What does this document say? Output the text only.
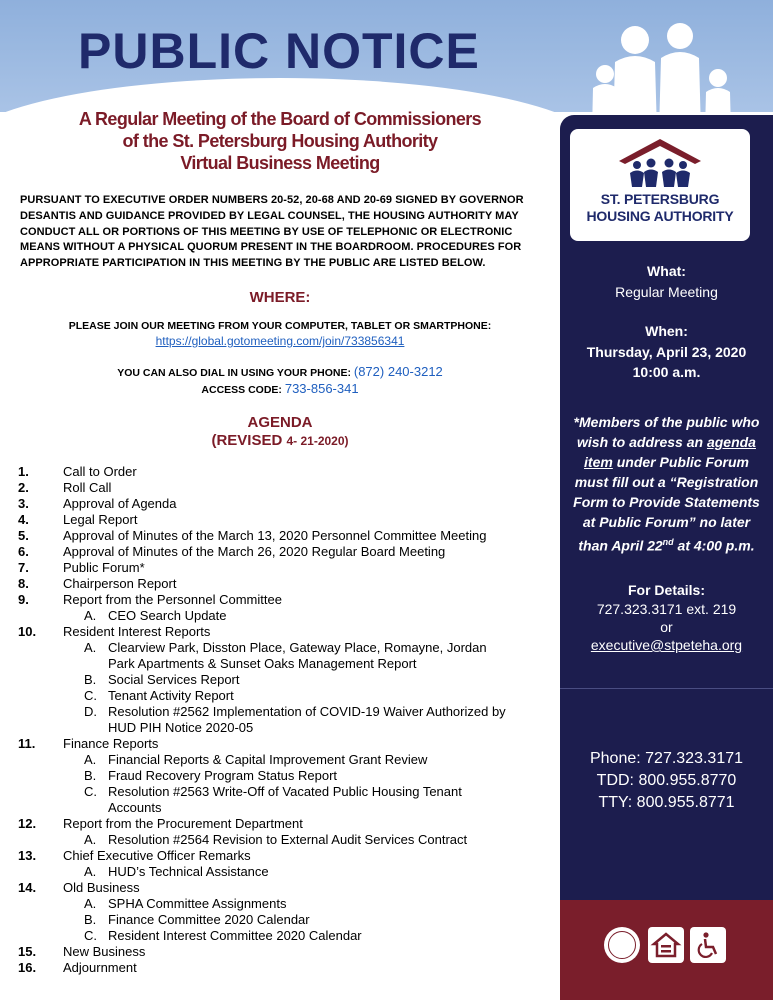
PUBLIC NOTICE
A Regular Meeting of the Board of Commissioners
of the St. Petersburg Housing Authority
Virtual Business Meeting

PURSUANT TO EXECUTIVE ORDER NUMBERS 20-52, 20-68 AND 20-69 SIGNED BY GOVERNOR DESANTIS AND GUIDANCE PROVIDED BY LEGAL COUNSEL, THE HOUSING AUTHORITY MAY CONDUCT ALL OR PORTIONS OF THIS MEETING BY USE OF TELEPHONIC OR ELECTRONIC MEANS WITHOUT A PHYSICAL QUORUM PRESENT IN THE BOARDROOM. PROCEDURES FOR APPROPRIATE PARTICIPATION IN THIS MEETING BY THE PUBLIC ARE LISTED BELOW.

WHERE:
PLEASE JOIN OUR MEETING FROM YOUR COMPUTER, TABLET OR SMARTPHONE:
https://global.gotomeeting.com/join/733856341
YOU CAN ALSO DIAL IN USING YOUR PHONE: (872) 240-3212
ACCESS CODE: 733-856-341
AGENDA
(REVISED 4- 21-2020)
1.	Call to Order
2.	Roll Call
3.	Approval of Agenda
4.	Legal Report
5.	Approval of Minutes of the March 13, 2020 Personnel Committee Meeting
6.	Approval of Minutes of the March 26, 2020 Regular Board Meeting
7.	Public Forum*
8.	Chairperson Report
9.	Report from the Personnel Committee
A. CEO Search Update
10. Resident Interest Reports
A. Clearview Park, Disston Place, Gateway Place, Romayne, Jordan
Park Apartments & Sunset Oaks Management Report
B. Social Services Report
C. Tenant Activity Report
D. Resolution #2562 Implementation of COVID-19 Waiver Authorized by
HUD PIH Notice 2020-05
11. Finance Reports
A. Financial Reports & Capital Improvement Grant Review
B. Fraud Recovery Program Status Report
C. Resolution #2563 Write-Off of Vacated Public Housing Tenant
Accounts
12. Report from the Procurement Department
A. Resolution #2564 Revision to External Audit Services Contract
13. Chief Executive Officer Remarks
A. HUD’s Technical Assistance
14. Old Business
A. SPHA Committee Assignments
B. Finance Committee 2020 Calendar
C. Resident Interest Committee 2020 Calendar
15. New Business
16. Adjournment
ST. PETERSBURG
HOUSING AUTHORITY
What:
Regular Meeting
When:
Thursday, April 23, 2020
10:00 a.m.
*Members of the public who wish to address an agenda item under Public Forum must fill out a “Registration Form to Provide Statements at Public Forum” no later than April 22nd at 4:00 p.m.
For Details:
727.323.3171 ext. 219
or
executive@stpeteha.org
Phone: 727.323.3171
TDD: 800.955.8770
TTY: 800.955.8771
